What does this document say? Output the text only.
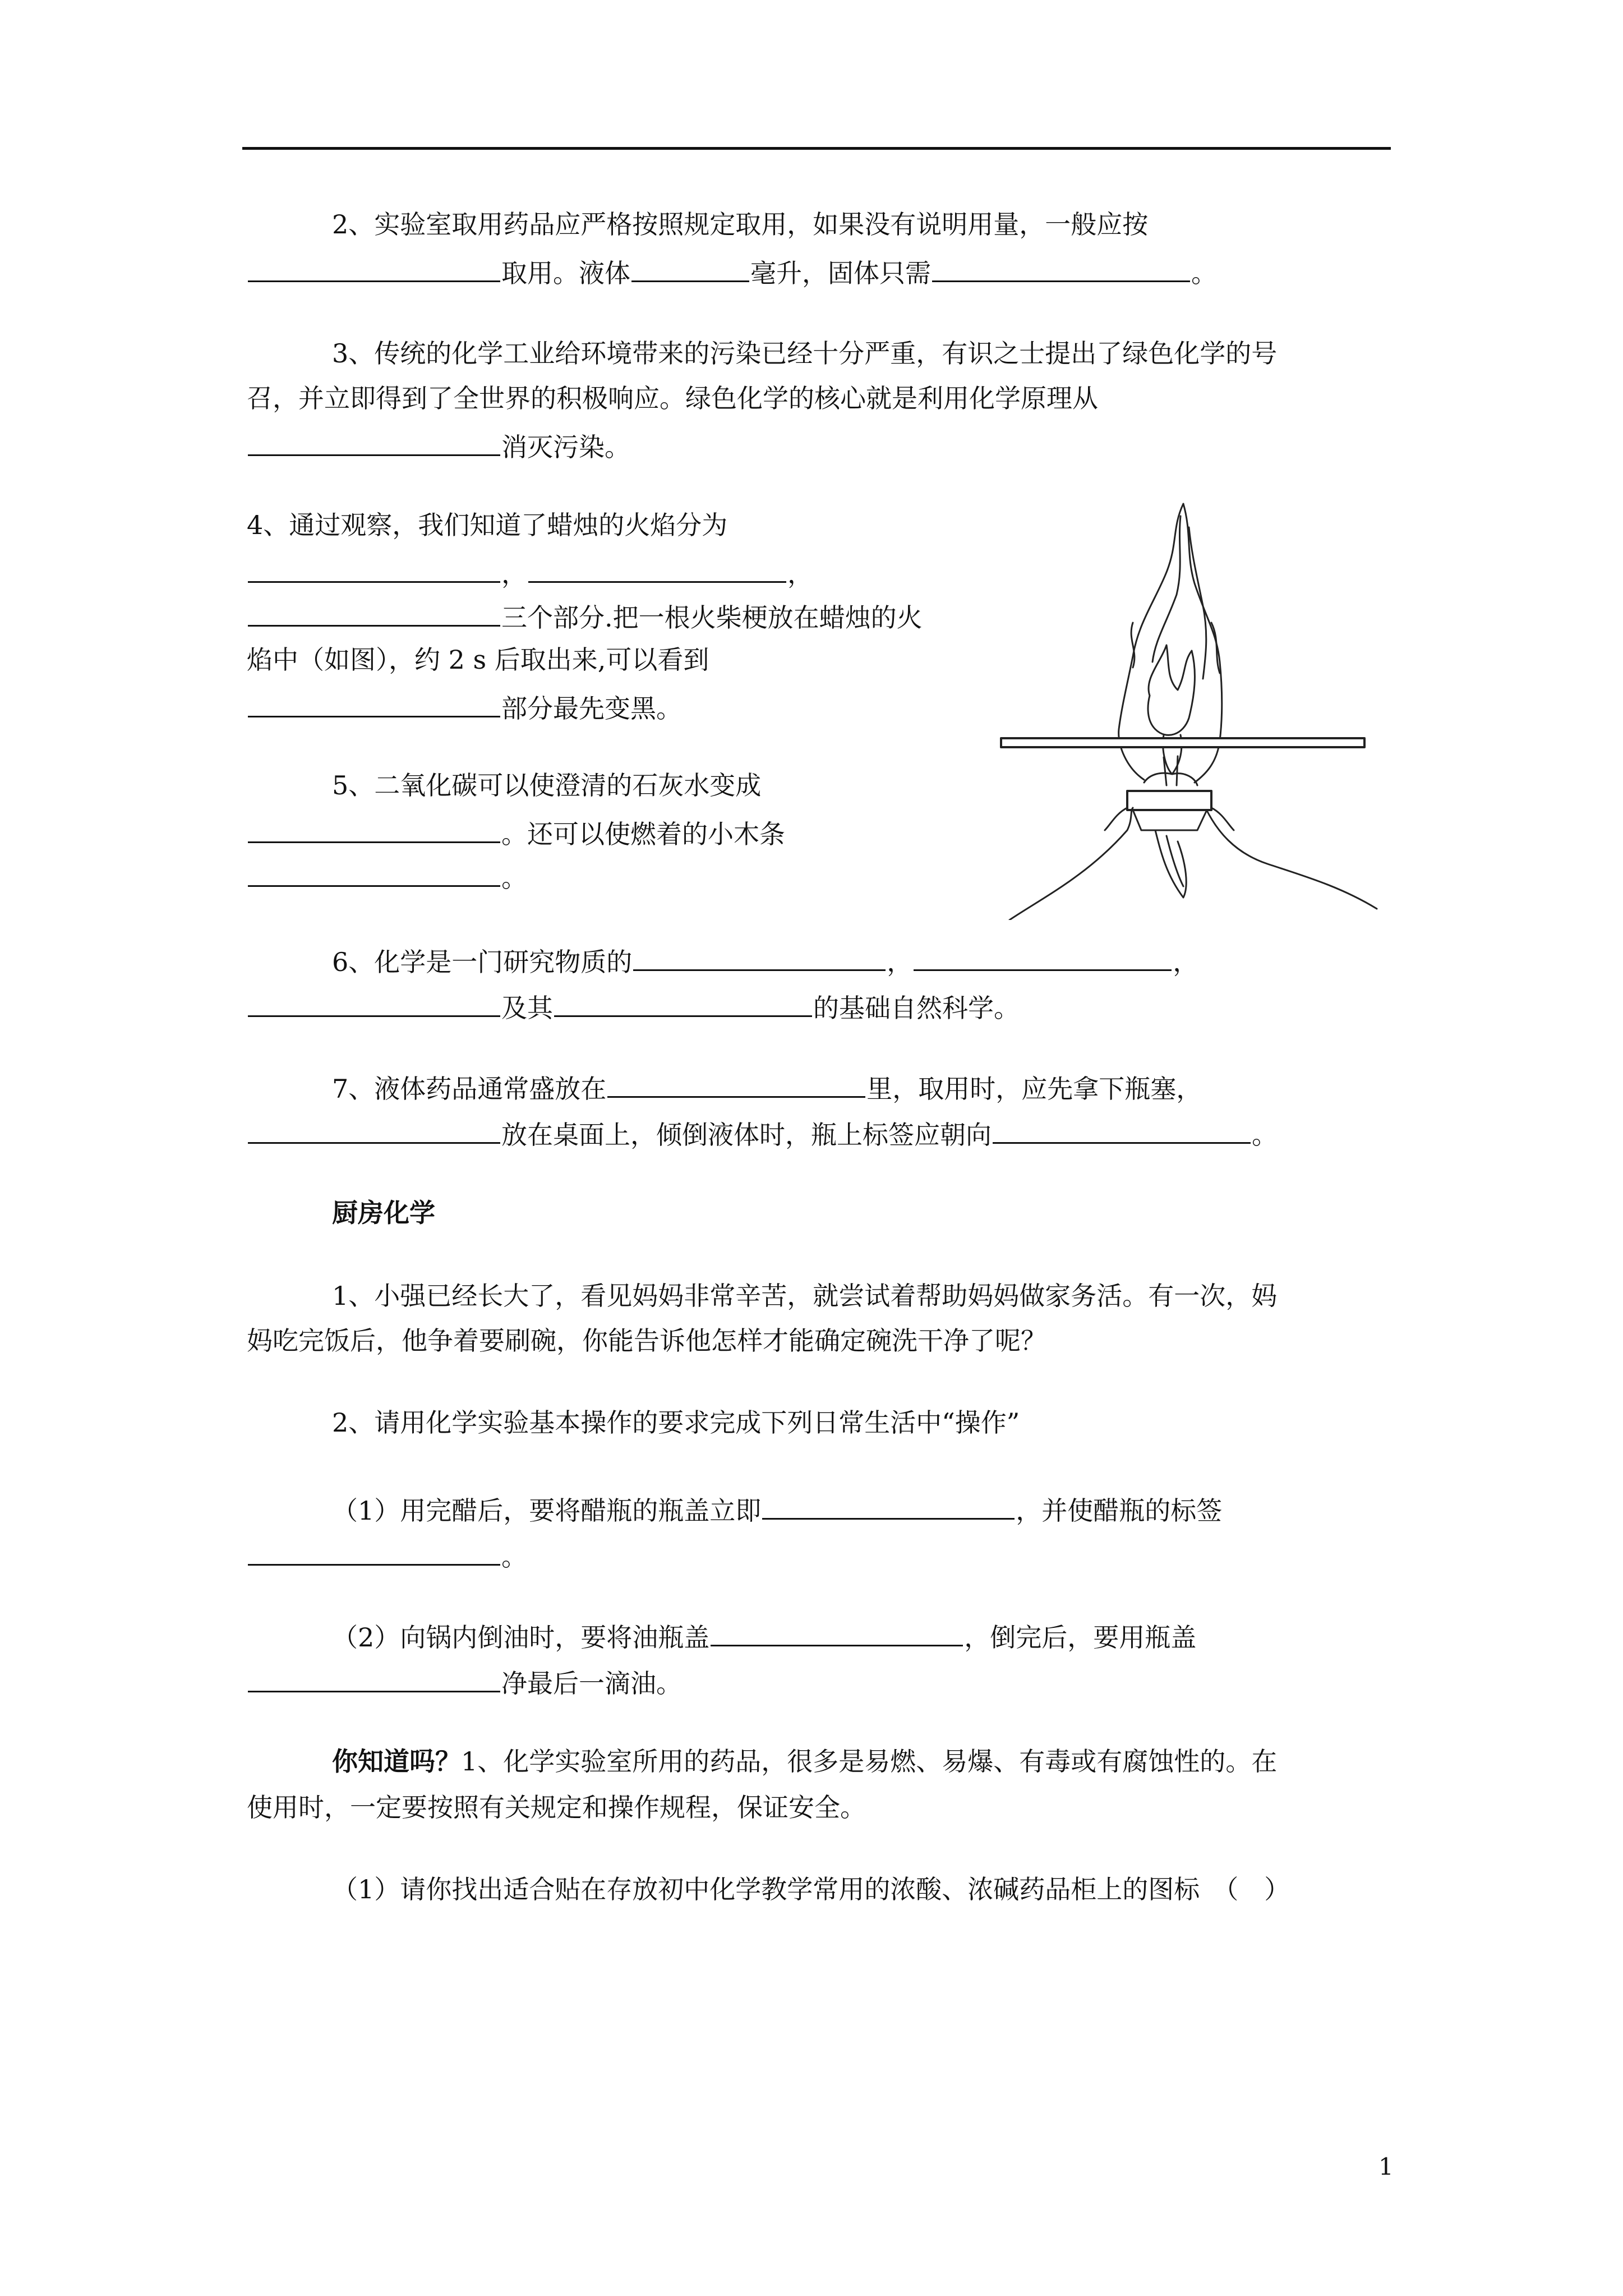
2、实验室取用药品应严格按照规定取用，如果没有说明用量，一般应按
取用。液体	毫升，固体只需	。
3、传统的化学工业给环境带来的污染已经十分严重，有识之士提出了绿色化学的号
召，并立即得到了全世界的积极响应。绿色化学的核心就是利用化学原理从
消灭污染。
4、通过观察，我们知道了蜡烛的火焰分为
，	，
三个部分.把一根火柴梗放在蜡烛的火
焰中（如图），约 2 s 后取出来,可以看到
部分最先变黑。
5、二氧化碳可以使澄清的石灰水变成
。还可以使燃着的小木条
。
6、化学是一门研究物质的	，	，
及其	的基础自然科学。
7、液体药品通常盛放在	里，取用时，应先拿下瓶塞，
放在桌面上，倾倒液体时，瓶上标签应朝向	。
厨房化学
1、小强已经长大了，看见妈妈非常辛苦，就尝试着帮助妈妈做家务活。有一次，妈
妈吃完饭后，他争着要刷碗，你能告诉他怎样才能确定碗洗干净了呢？
2、请用化学实验基本操作的要求完成下列日常生活中“操作”
（1）用完醋后，要将醋瓶的瓶盖立即	，并使醋瓶的标签
。
（2）向锅内倒油时，要将油瓶盖	，倒完后，要用瓶盖
净最后一滴油。
你知道吗？1、化学实验室所用的药品，很多是易燃、易爆、有毒或有腐蚀性的。在
使用时，一定要按照有关规定和操作规程，保证安全。
（1）请你找出适合贴在存放初中化学教学常用的浓酸、浓碱药品柜上的图标　（　）
1
